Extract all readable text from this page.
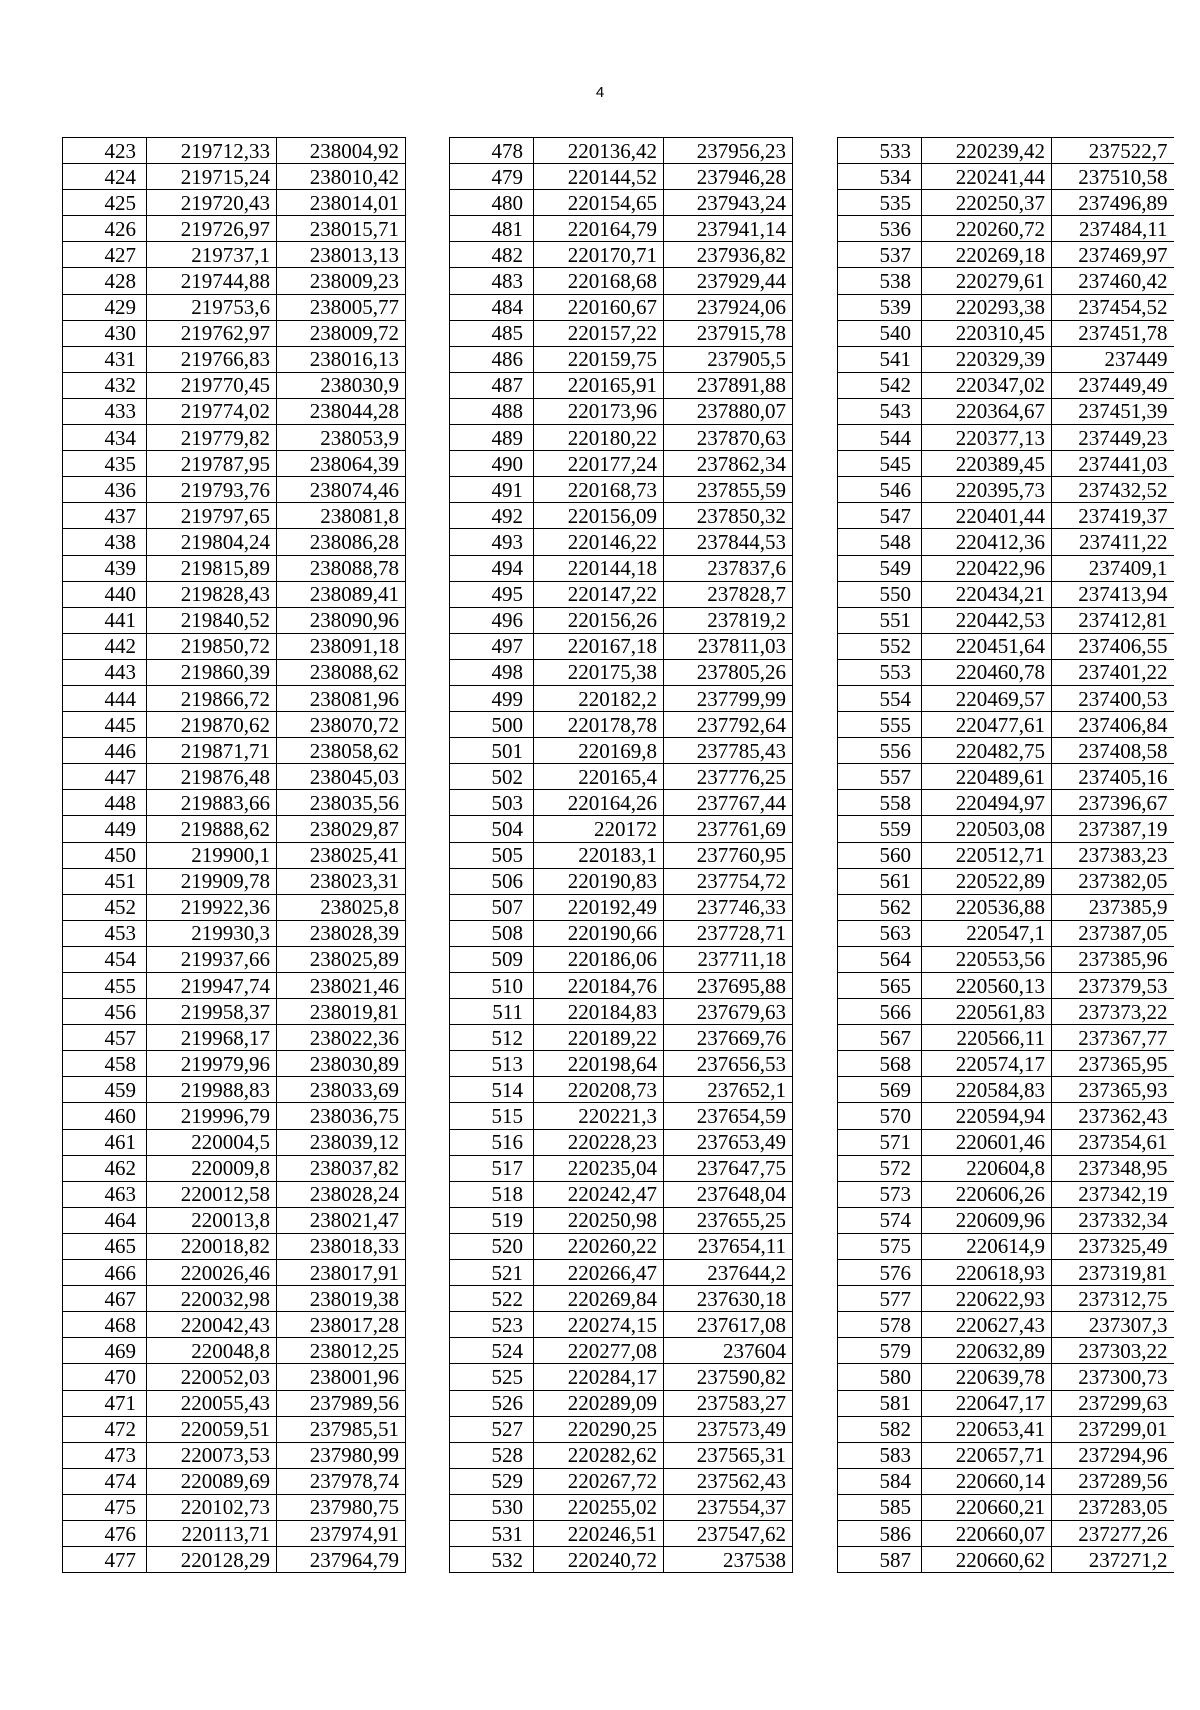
4
423	219712,33	238004,92
424	219715,24	238010,42
425	219720,43	238014,01
426	219726,97	238015,71
427	219737,1	238013,13
428	219744,88	238009,23
429	219753,6	238005,77
430	219762,97	238009,72
431	219766,83	238016,13
432	219770,45	238030,9
433	219774,02	238044,28
434	219779,82	238053,9
435	219787,95	238064,39
436	219793,76	238074,46
437	219797,65	238081,8
438	219804,24	238086,28
439	219815,89	238088,78
440	219828,43	238089,41
441	219840,52	238090,96
442	219850,72	238091,18
443	219860,39	238088,62
444	219866,72	238081,96
445	219870,62	238070,72
446	219871,71	238058,62
447	219876,48	238045,03
448	219883,66	238035,56
449	219888,62	238029,87
450	219900,1	238025,41
451	219909,78	238023,31
452	219922,36	238025,8
453	219930,3	238028,39
454	219937,66	238025,89
455	219947,74	238021,46
456	219958,37	238019,81
457	219968,17	238022,36
458	219979,96	238030,89
459	219988,83	238033,69
460	219996,79	238036,75
461	220004,5	238039,12
462	220009,8	238037,82
463	220012,58	238028,24
464	220013,8	238021,47
465	220018,82	238018,33
466	220026,46	238017,91
467	220032,98	238019,38
468	220042,43	238017,28
469	220048,8	238012,25
470	220052,03	238001,96
471	220055,43	237989,56
472	220059,51	237985,51
473	220073,53	237980,99
474	220089,69	237978,74
475	220102,73	237980,75
476	220113,71	237974,91
477	220128,29	237964,79
478	220136,42	237956,23
479	220144,52	237946,28
480	220154,65	237943,24
481	220164,79	237941,14
482	220170,71	237936,82
483	220168,68	237929,44
484	220160,67	237924,06
485	220157,22	237915,78
486	220159,75	237905,5
487	220165,91	237891,88
488	220173,96	237880,07
489	220180,22	237870,63
490	220177,24	237862,34
491	220168,73	237855,59
492	220156,09	237850,32
493	220146,22	237844,53
494	220144,18	237837,6
495	220147,22	237828,7
496	220156,26	237819,2
497	220167,18	237811,03
498	220175,38	237805,26
499	220182,2	237799,99
500	220178,78	237792,64
501	220169,8	237785,43
502	220165,4	237776,25
503	220164,26	237767,44
504	220172	237761,69
505	220183,1	237760,95
506	220190,83	237754,72
507	220192,49	237746,33
508	220190,66	237728,71
509	220186,06	237711,18
510	220184,76	237695,88
511	220184,83	237679,63
512	220189,22	237669,76
513	220198,64	237656,53
514	220208,73	237652,1
515	220221,3	237654,59
516	220228,23	237653,49
517	220235,04	237647,75
518	220242,47	237648,04
519	220250,98	237655,25
520	220260,22	237654,11
521	220266,47	237644,2
522	220269,84	237630,18
523	220274,15	237617,08
524	220277,08	237604
525	220284,17	237590,82
526	220289,09	237583,27
527	220290,25	237573,49
528	220282,62	237565,31
529	220267,72	237562,43
530	220255,02	237554,37
531	220246,51	237547,62
532	220240,72	237538
533	220239,42	237522,7
534	220241,44	237510,58
535	220250,37	237496,89
536	220260,72	237484,11
537	220269,18	237469,97
538	220279,61	237460,42
539	220293,38	237454,52
540	220310,45	237451,78
541	220329,39	237449
542	220347,02	237449,49
543	220364,67	237451,39
544	220377,13	237449,23
545	220389,45	237441,03
546	220395,73	237432,52
547	220401,44	237419,37
548	220412,36	237411,22
549	220422,96	237409,1
550	220434,21	237413,94
551	220442,53	237412,81
552	220451,64	237406,55
553	220460,78	237401,22
554	220469,57	237400,53
555	220477,61	237406,84
556	220482,75	237408,58
557	220489,61	237405,16
558	220494,97	237396,67
559	220503,08	237387,19
560	220512,71	237383,23
561	220522,89	237382,05
562	220536,88	237385,9
563	220547,1	237387,05
564	220553,56	237385,96
565	220560,13	237379,53
566	220561,83	237373,22
567	220566,11	237367,77
568	220574,17	237365,95
569	220584,83	237365,93
570	220594,94	237362,43
571	220601,46	237354,61
572	220604,8	237348,95
573	220606,26	237342,19
574	220609,96	237332,34
575	220614,9	237325,49
576	220618,93	237319,81
577	220622,93	237312,75
578	220627,43	237307,3
579	220632,89	237303,22
580	220639,78	237300,73
581	220647,17	237299,63
582	220653,41	237299,01
583	220657,71	237294,96
584	220660,14	237289,56
585	220660,21	237283,05
586	220660,07	237277,26
587	220660,62	237271,2
